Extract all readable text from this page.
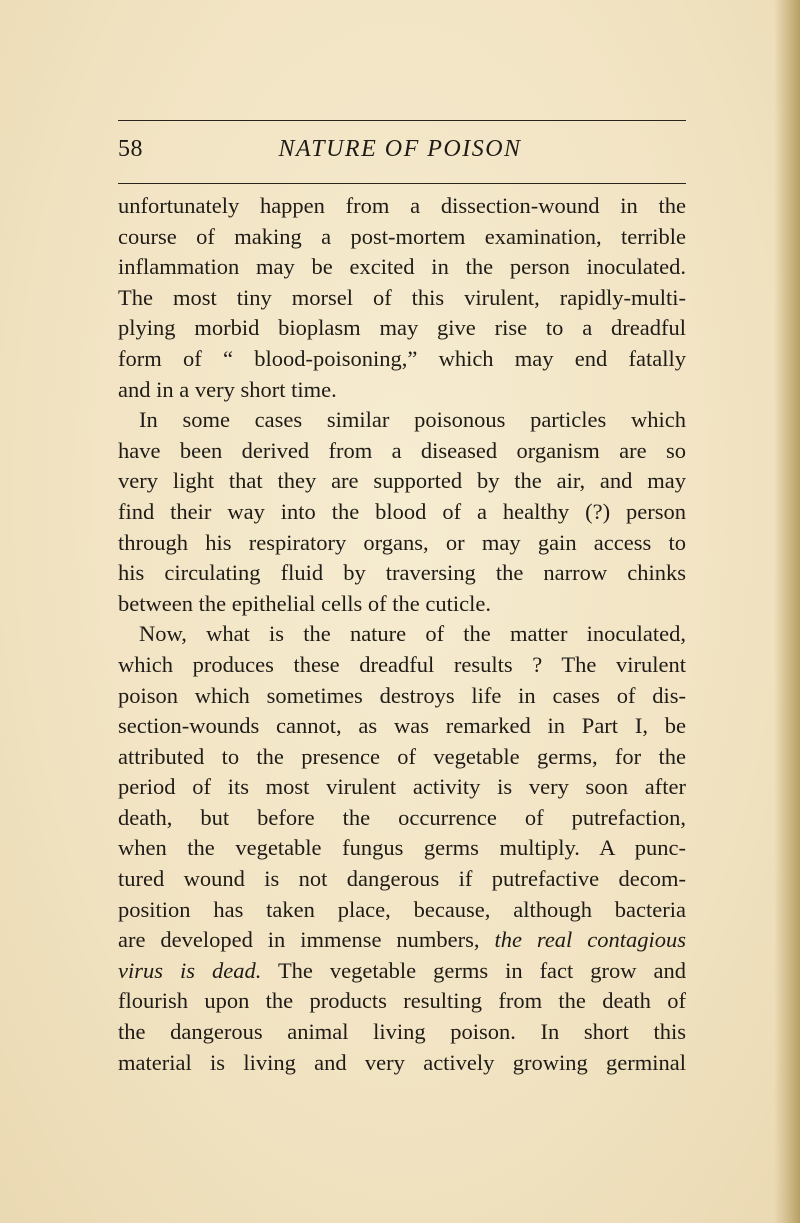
58	NATURE OF POISON
unfortunately happen from a dissection-wound in the
course of making a post-mortem examination, terrible
inflammation may be excited in the person inoculated.
The most tiny morsel of this virulent, rapidly-multi-
plying morbid bioplasm may give rise to a dreadful
form of “ blood-poisoning,” which may end fatally
and in a very short time.
In some cases similar poisonous particles which
have been derived from a diseased organism are so
very light that they are supported by the air, and may
find their way into the blood of a healthy (?) person
through his respiratory organs, or may gain access to
his circulating fluid by traversing the narrow chinks
between the epithelial cells of the cuticle.
Now, what is the nature of the matter inoculated,
which produces these dreadful results ? The virulent
poison which sometimes destroys life in cases of dis-
section-wounds cannot, as was remarked in Part I, be
attributed to the presence of vegetable germs, for the
period of its most virulent activity is very soon after
death, but before the occurrence of putrefaction,
when the vegetable fungus germs multiply. A punc-
tured wound is not dangerous if putrefactive decom-
position has taken place, because, although bacteria
are developed in immense numbers, the real contagious
virus is dead. The vegetable germs in fact grow and
flourish upon the products resulting from the death of
the dangerous animal living poison. In short this
material is living and very actively growing germinal
